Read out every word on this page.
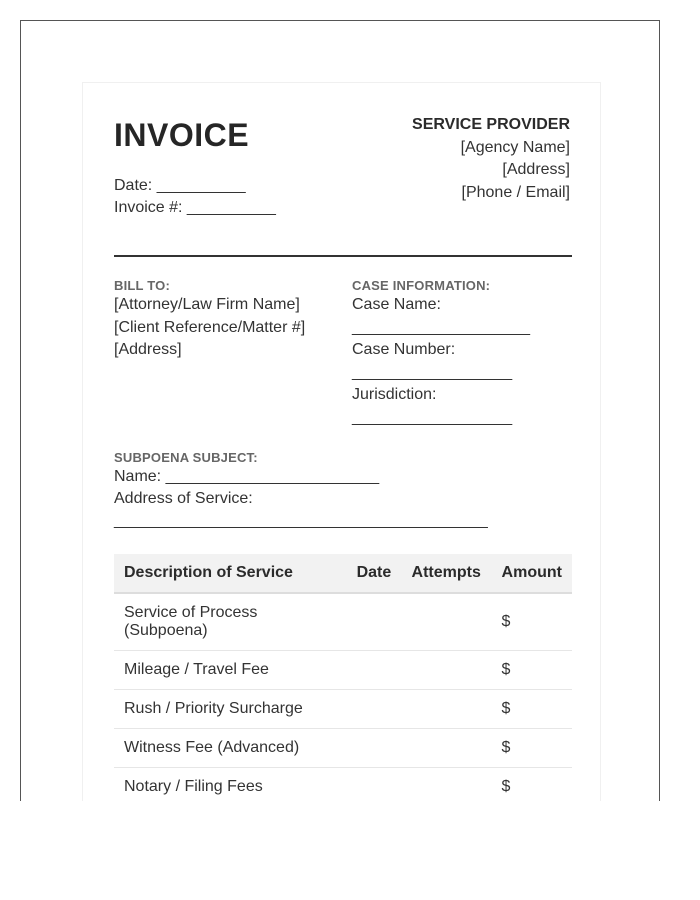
INVOICE
Date: __________
Invoice #: __________
SERVICE PROVIDER
[Agency Name]
[Address]
[Phone / Email]
BILL TO:
[Attorney/Law Firm Name]
[Client Reference/Matter #]
[Address]
CASE INFORMATION:
Case Name:
____________________
Case Number:
__________________
Jurisdiction:
__________________
SUBPOENA SUBJECT:
Name: ________________________
Address of Service:
__________________________________________
Description of Service	Date	Attempts	Amount

Service of Process
(Subpoena)			$
Mileage / Travel Fee			$
Rush / Priority Surcharge			$
Witness Fee (Advanced)			$
Notary / Filing Fees			$
